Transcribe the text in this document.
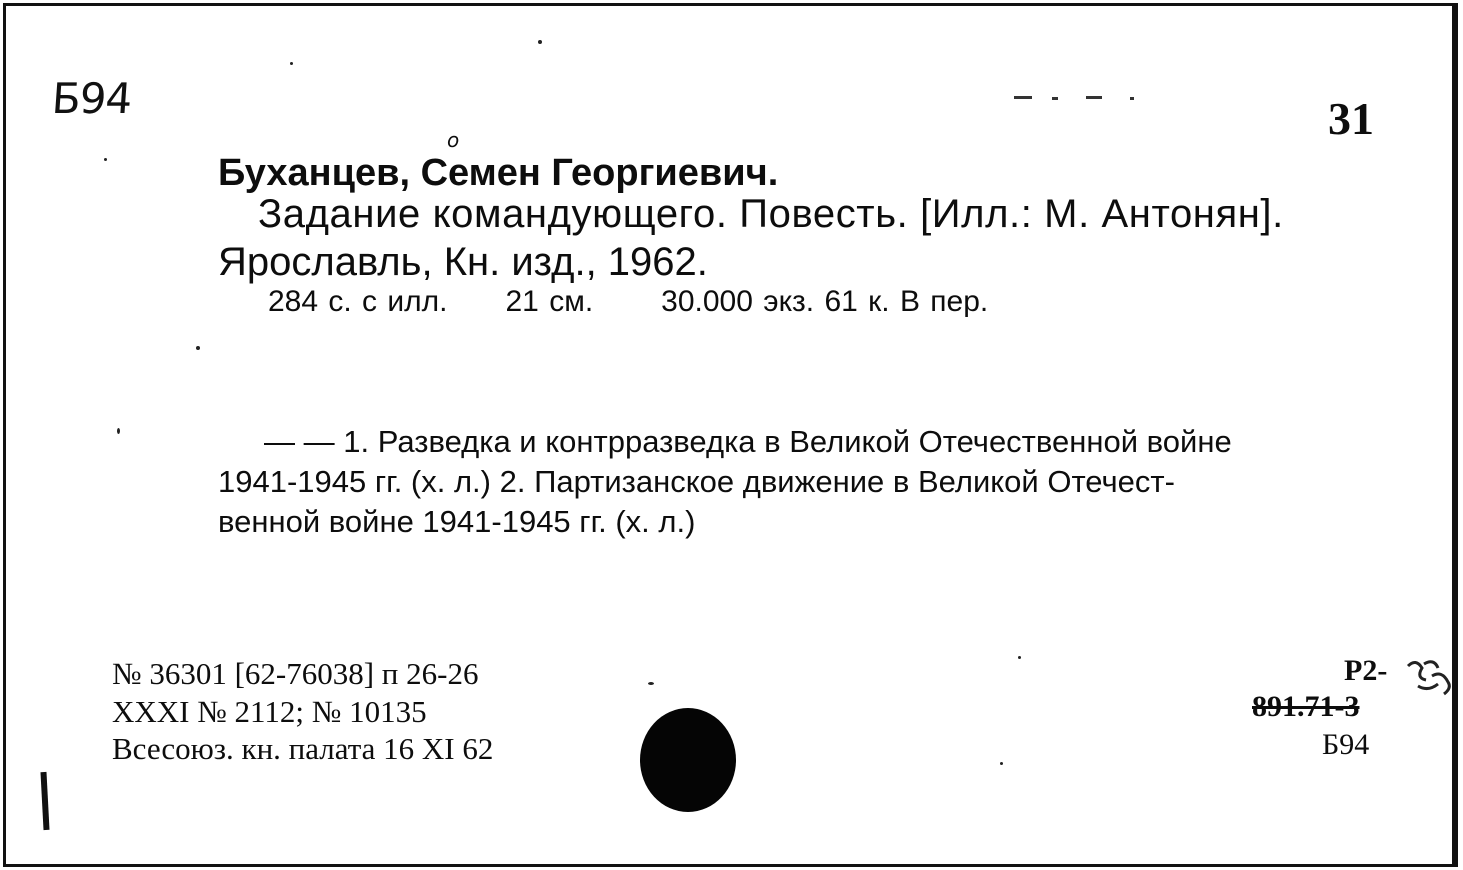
Б94	31
о
Буханцев, Семен Георгиевич.
Задание командующего. Повесть. [Илл.: М. Антонян].
Ярославль, Кн. изд., 1962.
284 с. с илл. 21 см. 30.000 экз. 61 к. В пер.
— — 1. Разведка и контрразведка в Великой Отечественной войне
1941-1945 гг. (х. л.) 2. Партизанское движение в Великой Отечест-
венной войне 1941-1945 гг. (х. л.)
№ 36301 [62-76038] п 26-26
XXXI № 2112; № 10135
Всесоюз. кн. палата 16 XI 62
Р2-
891.71-3
Б94
